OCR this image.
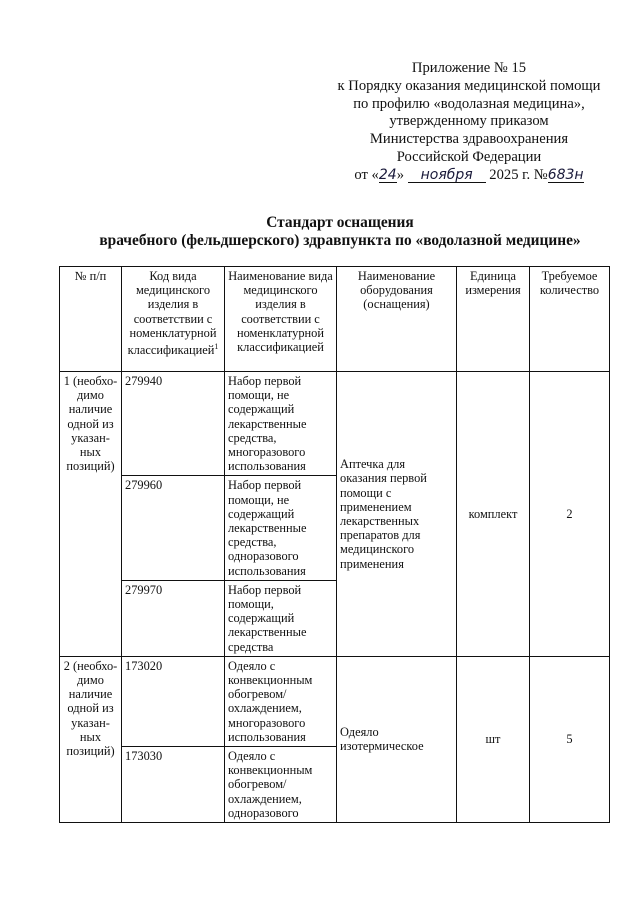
Приложение № 15
к Порядку оказания медицинской помощи
по профилю «водолазная медицина»,
утвержденному приказом
Министерства здравоохранения
Российской Федерации
от «24» ноября 2025 г. №683н
Стандарт оснащения
врачебного (фельдшерского) здравпункта по «водолазной медицине»
№ п/п	Код вида медицинского изделия в соответствии с номенклатурной классификацией$^1$	Наименование вида медицинского изделия в соответствии с номенклатурной классификацией	Наименование оборудования (оснащения)	Единица измерения	Требуемое количество
1 (необхо-димо наличие одной из указан-ных позиций)	279940	Набор первой помощи, не содержащий лекарственные средства, многоразового использования	Аптечка для оказания первой помощи с применением лекарственных препаратов для медицинского применения	комплект	2
	279960	Набор первой помощи, не содержащий лекарственные средства, одноразового использования			
	279970	Набор первой помощи, содержащий лекарственные средства			
2 (необхо-димо наличие одной из указан-ных позиций)	173020	Одеяло с конвекционным обогревом/ охлаждением, многоразового использования	Одеяло изотермическое	шт	5
	173030	Одеяло с конвекционным обогревом/ охлаждением, одноразового			
